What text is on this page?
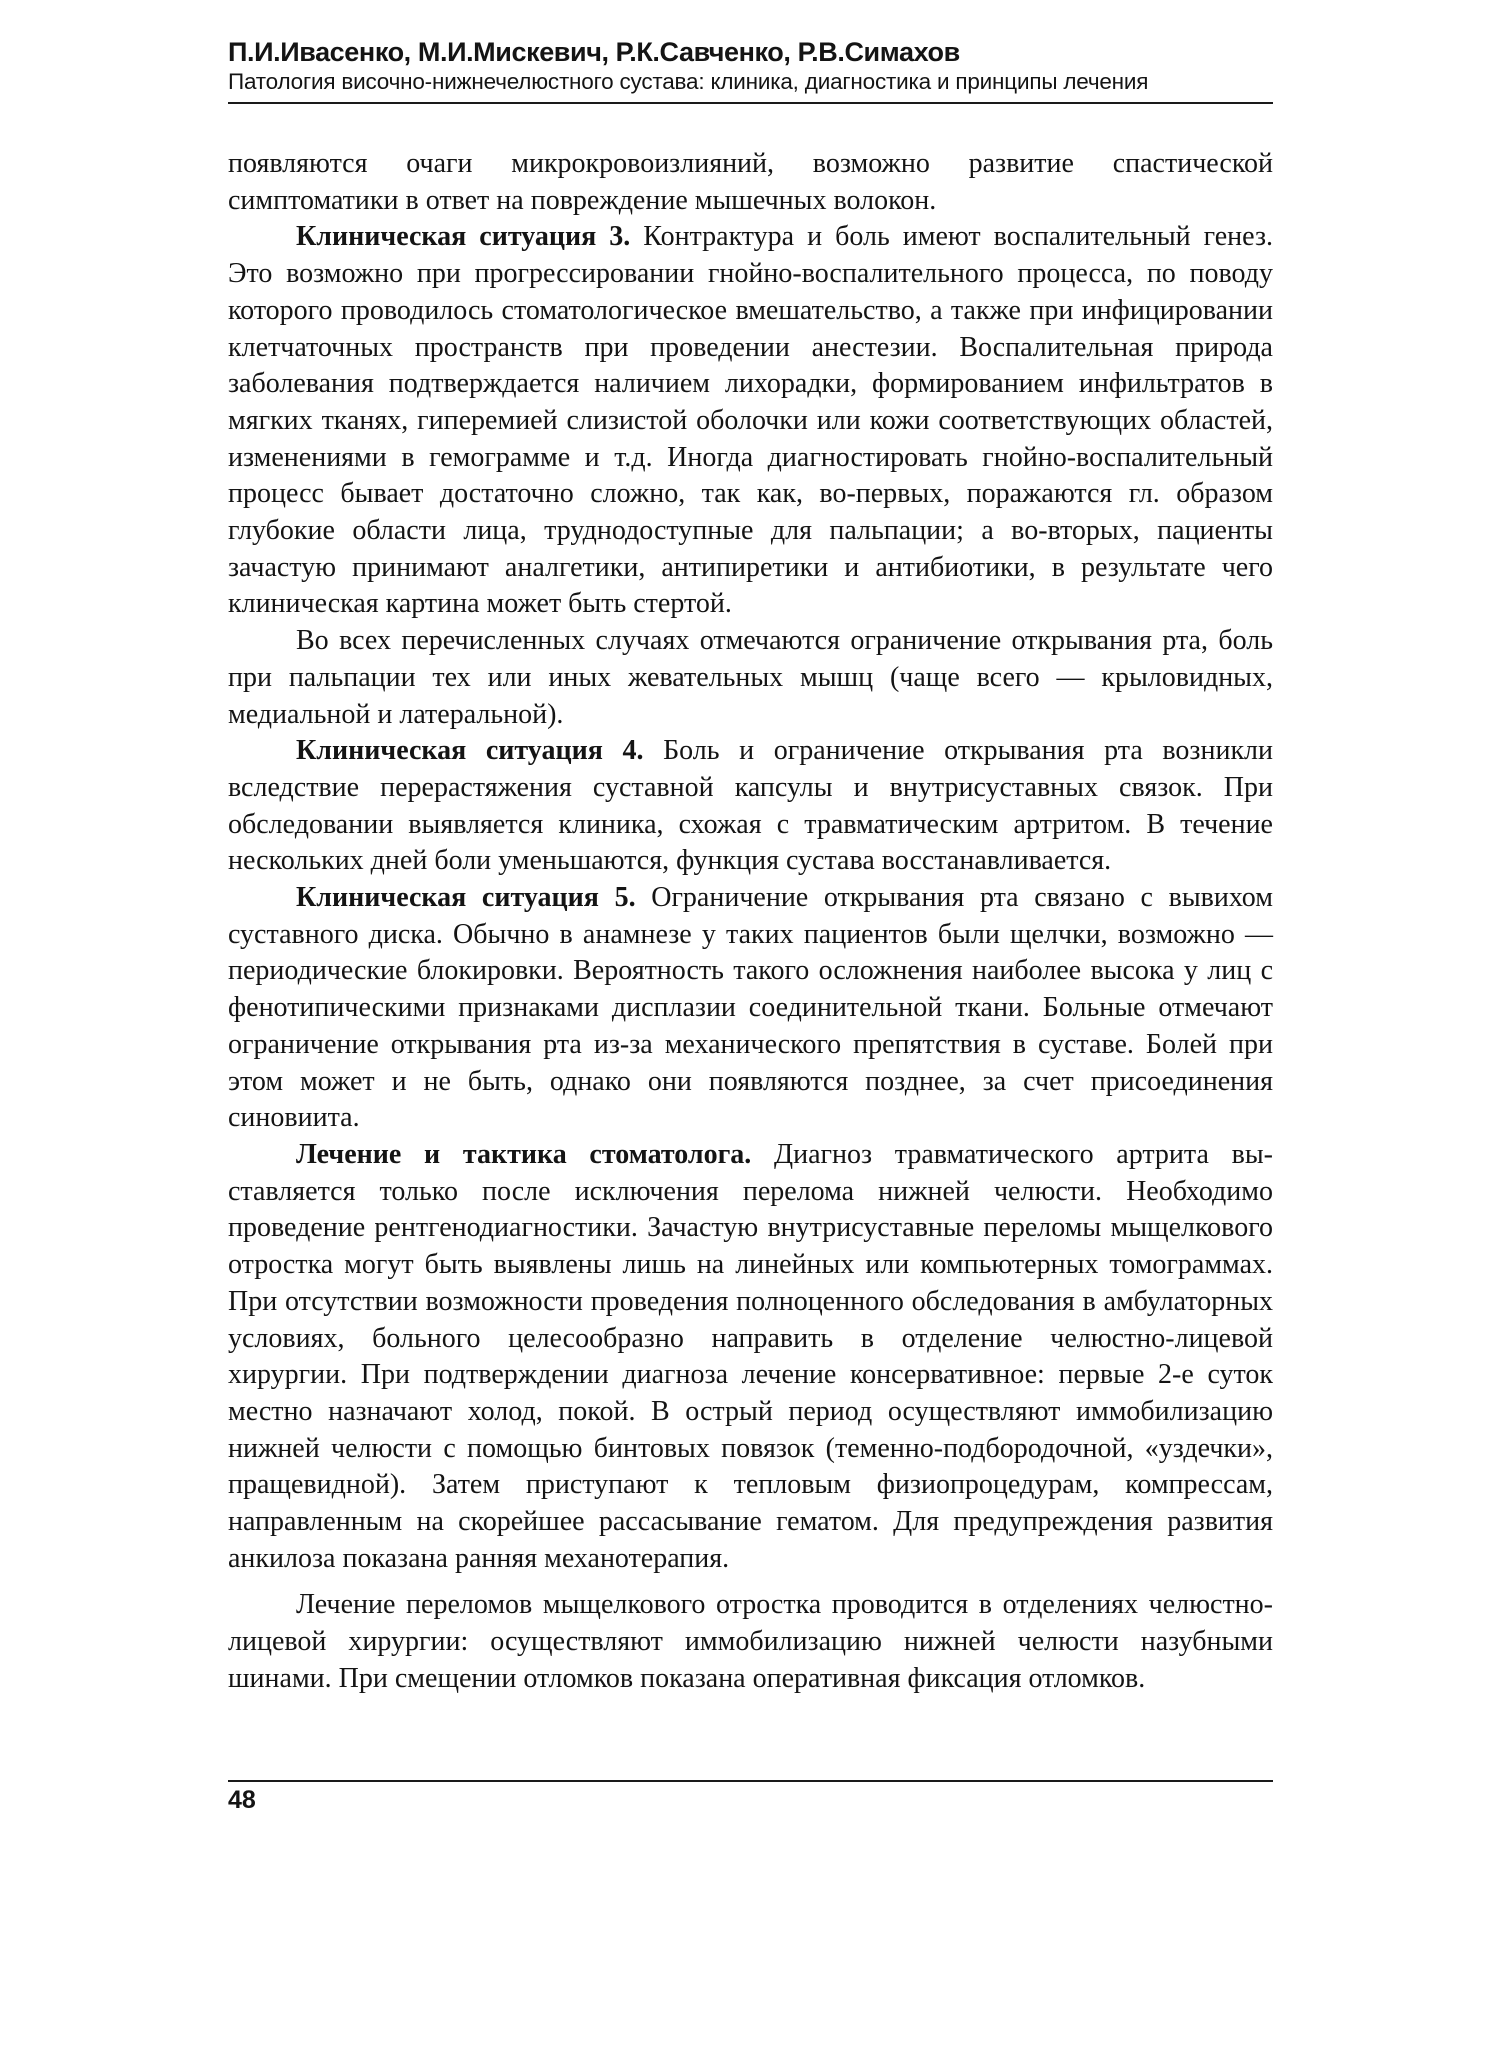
П.И.Ивасенко, М.И.Мискевич, Р.К.Савченко, Р.В.Симахов
Патология височно-нижнечелюстного сустава: клиника, диагностика и принципы лечения

появляются очаги микрокровоизлияний, возможно развитие спастической симптоматики в ответ на повреждение мышечных волокон.

Клиническая ситуация 3. Контрактура и боль имеют воспалительный генез. Это возможно при прогрессировании гнойно-воспалительного процесса, по поводу которого проводилось стоматологическое вмешательство, а также при инфицировании клетчаточных пространств при проведении анестезии. Воспалительная природа заболевания подтверждается наличием лихорадки, формированием инфильтратов в мягких тканях, гиперемией слизистой оболочки или кожи соответствующих областей, изменениями в гемограмме и т.д. Иногда диагностировать гнойно-воспалительный процесс бывает достаточно сложно, так как, во-первых, поражаются гл. образом глубокие области лица, труднодоступные для пальпации; а во-вторых, пациенты зачастую принимают аналгетики, антипиретики и антибиотики, в результате чего клиническая картина может быть стертой.

Во всех перечисленных случаях отмечаются ограничение открывания рта, боль при пальпации тех или иных жевательных мышц (чаще всего — крыловидных, медиальной и латеральной).

Клиническая ситуация 4. Боль и ограничение открывания рта возникли вследствие перерастяжения суставной капсулы и внутрисуставных связок. При обследовании выявляется клиника, схожая с травматическим артритом. В течение нескольких дней боли уменьшаются, функция сустава восстанавливается.

Клиническая ситуация 5. Ограничение открывания рта связано с вывихом суставного диска. Обычно в анамнезе у таких пациентов были щелчки, возможно — периодические блокировки. Вероятность такого осложнения наиболее высока у лиц с фенотипическими признаками дисплазии соединительной ткани. Больные отмечают ограничение открывания рта из-за механического препятствия в суставе. Болей при этом может и не быть, однако они появляются позднее, за счет присоединения синовиита.

Лечение и тактика стоматолога. Диагноз травматического артрита выставляется только после исключения перелома нижней челюсти. Необходимо проведение рентгенодиагностики. Зачастую внутрисуставные переломы мыщелкового отростка могут быть выявлены лишь на линейных или компьютерных томограммах. При отсутствии возможности проведения полноценного обследования в амбулаторных условиях, больного целесообразно направить в отделение челюстно-лицевой хирургии. При подтверждении диагноза лечение консервативное: первые 2-е суток местно назначают холод, покой. В острый период осуществляют иммобилизацию нижней челюсти с помощью бинтовых повязок (теменно-подбородочной, «уздечки», пращевидной). Затем приступают к тепловым физиопроцедурам, компрессам, направленным на скорейшее рассасывание гематом. Для предупреждения развития анкилоза показана ранняя механотерапия.

Лечение переломов мыщелкового отростка проводится в отделениях челюстно-лицевой хирургии: осуществляют иммобилизацию нижней челюсти назубными шинами. При смещении отломков показана оперативная фиксация отломков.

48
